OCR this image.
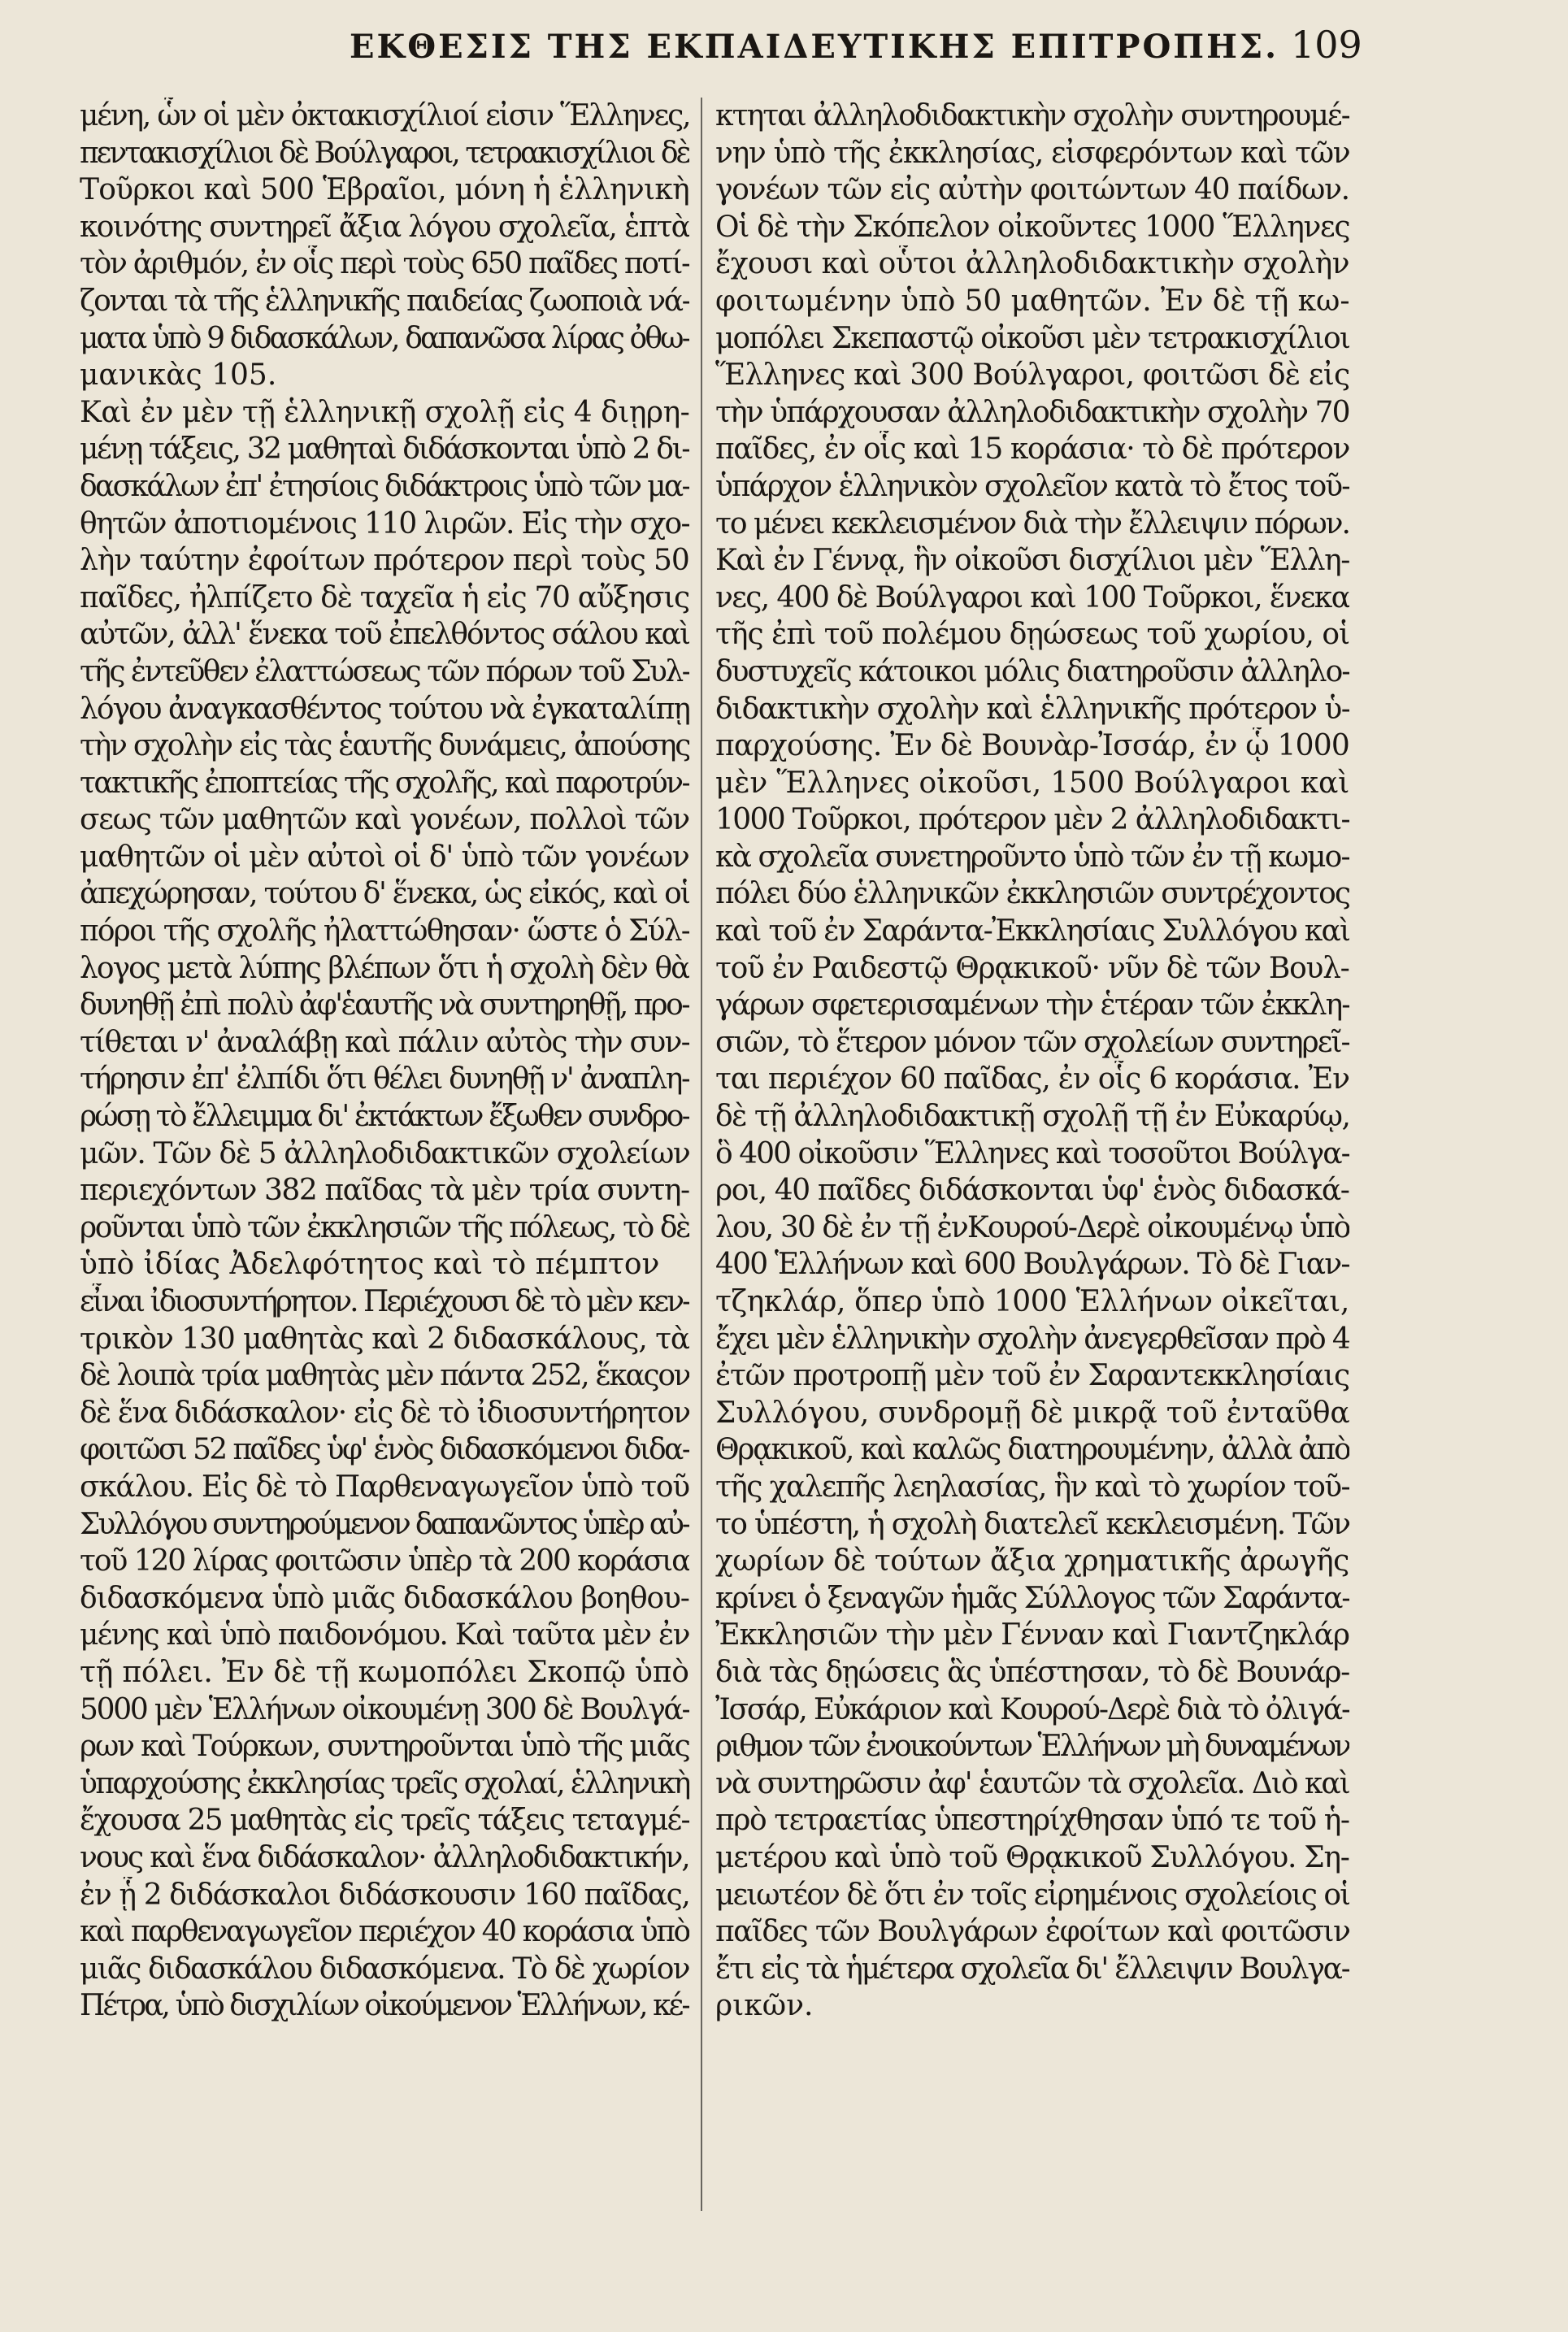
ΕΚΘΕΣΙΣ ΤΗΣ ΕΚΠΑΙΔΕΥΤΙΚΗΣ ΕΠΙΤΡΟΠΗΣ. 109
μένη, ὧν οἱ μὲν ὀκτακισχίλιοί εἰσιν Ἕλληνες,
πεντακισχίλιοι δὲ Βούλγαροι, τετρακισχίλιοι δὲ
Τοῦρκοι καὶ 500 Ἑβραῖοι, μόνη ἡ ἑλληνικὴ
κοινότης συντηρεῖ ἄξια λόγου σχολεῖα, ἑπτὰ
τὸν ἀριθμόν, ἐν οἷς περὶ τοὺς 650 παῖδες ποτί-
ζονται τὰ τῆς ἑλληνικῆς παιδείας ζωοποιὰ νά-
ματα ὑπὸ 9 διδασκάλων, δαπανῶσα λίρας ὀθω-
μανικὰς 105.
Καὶ ἐν μὲν τῇ ἑλληνικῇ σχολῇ εἰς 4 διῃρη-
μένῃ τάξεις, 32 μαθηταὶ διδάσκονται ὑπὸ 2 δι-
δασκάλων ἐπ' ἐτησίοις διδάκτροις ὑπὸ τῶν μα-
θητῶν ἀποτιομένοις 110 λιρῶν. Εἰς τὴν σχο-
λὴν ταύτην ἐφοίτων πρότερον περὶ τοὺς 50
παῖδες, ἠλπίζετο δὲ ταχεῖα ἡ εἰς 70 αὔξησις
αὐτῶν, ἀλλ' ἕνεκα τοῦ ἐπελθόντος σάλου καὶ
τῆς ἐντεῦθεν ἐλαττώσεως τῶν πόρων τοῦ Συλ-
λόγου ἀναγκασθέντος τούτου νὰ ἐγκαταλίπῃ
τὴν σχολὴν εἰς τὰς ἑαυτῆς δυνάμεις, ἀπούσης
τακτικῆς ἐποπτείας τῆς σχολῆς, καὶ παροτρύν-
σεως τῶν μαθητῶν καὶ γονέων, πολλοὶ τῶν
μαθητῶν οἱ μὲν αὐτοὶ οἱ δ' ὑπὸ τῶν γονέων
ἀπεχώρησαν, τούτου δ' ἕνεκα, ὡς εἰκός, καὶ οἱ
πόροι τῆς σχολῆς ἠλαττώθησαν· ὥστε ὁ Σύλ-
λογος μετὰ λύπης βλέπων ὅτι ἡ σχολὴ δὲν θὰ
δυνηθῇ ἐπὶ πολὺ ἀφ'ἑαυτῆς νὰ συντηρηθῇ, προ-
τίθεται ν' ἀναλάβῃ καὶ πάλιν αὐτὸς τὴν συν-
τήρησιν ἐπ' ἐλπίδι ὅτι θέλει δυνηθῇ ν' ἀναπλη-
ρώσῃ τὸ ἔλλειμμα δι' ἐκτάκτων ἔξωθεν συνδρο-
μῶν. Τῶν δὲ 5 ἀλληλοδιδακτικῶν σχολείων
περιεχόντων 382 παῖδας τὰ μὲν τρία συντη-
ροῦνται ὑπὸ τῶν ἐκκλησιῶν τῆς πόλεως, τὸ δὲ
ὑπὸ ἰδίας Ἀδελφότητος καὶ τὸ πέμπτον
εἶναι ἰδιοσυντήρητον. Περιέχουσι δὲ τὸ μὲν κεν-
τρικὸν 130 μαθητὰς καὶ 2 διδασκάλους, τὰ
δὲ λοιπὰ τρία μαθητὰς μὲν πάντα 252, ἕκαςον
δὲ ἕνα διδάσκαλον· εἰς δὲ τὸ ἰδιοσυντήρητον
φοιτῶσι 52 παῖδες ὑφ' ἑνὸς διδασκόμενοι διδα-
σκάλου. Εἰς δὲ τὸ Παρθεναγωγεῖον ὑπὸ τοῦ
Συλλόγου συντηρούμενον δαπανῶντος ὑπὲρ αὐ-
τοῦ 120 λίρας φοιτῶσιν ὑπὲρ τὰ 200 κοράσια
διδασκόμενα ὑπὸ μιᾶς διδασκάλου βοηθου-
μένης καὶ ὑπὸ παιδονόμου. Καὶ ταῦτα μὲν ἐν
τῇ πόλει. Ἐν δὲ τῇ κωμοπόλει Σκοπῷ ὑπὸ
5000 μὲν Ἑλλήνων οἰκουμένῃ 300 δὲ Βουλγά-
ρων καὶ Τούρκων, συντηροῦνται ὑπὸ τῆς μιᾶς
ὑπαρχούσης ἐκκλησίας τρεῖς σχολαί, ἑλληνικὴ
ἔχουσα 25 μαθητὰς εἰς τρεῖς τάξεις τεταγμέ-
νους καὶ ἕνα διδάσκαλον· ἀλληλοδιδακτικήν,
ἐν ᾗ 2 διδάσκαλοι διδάσκουσιν 160 παῖδας,
καὶ παρθεναγωγεῖον περιέχον 40 κοράσια ὑπὸ
μιᾶς διδασκάλου διδασκόμενα. Τὸ δὲ χωρίον
Πέτρα, ὑπὸ δισχιλίων οἰκούμενον Ἑλλήνων, κέ-
κτηται ἀλληλοδιδακτικὴν σχολὴν συντηρουμέ-
νην ὑπὸ τῆς ἐκκλησίας, εἰσφερόντων καὶ τῶν
γονέων τῶν εἰς αὐτὴν φοιτώντων 40 παίδων.
Οἱ δὲ τὴν Σκόπελον οἰκοῦντες 1000 Ἕλληνες
ἔχουσι καὶ οὗτοι ἀλληλοδιδακτικὴν σχολὴν
φοιτωμένην ὑπὸ 50 μαθητῶν. Ἐν δὲ τῇ κω-
μοπόλει Σκεπαστῷ οἰκοῦσι μὲν τετρακισχίλιοι
Ἕλληνες καὶ 300 Βούλγαροι, φοιτῶσι δὲ εἰς
τὴν ὑπάρχουσαν ἀλληλοδιδακτικὴν σχολὴν 70
παῖδες, ἐν οἷς καὶ 15 κοράσια· τὸ δὲ πρότερον
ὑπάρχον ἑλληνικὸν σχολεῖον κατὰ τὸ ἔτος τοῦ-
το μένει κεκλεισμένον διὰ τὴν ἔλλειψιν πόρων.
Καὶ ἐν Γέννᾳ, ἣν οἰκοῦσι δισχίλιοι μὲν Ἕλλη-
νες, 400 δὲ Βούλγαροι καὶ 100 Τοῦρκοι, ἕνεκα
τῆς ἐπὶ τοῦ πολέμου δῃώσεως τοῦ χωρίου, οἱ
δυστυχεῖς κάτοικοι μόλις διατηροῦσιν ἀλληλο-
διδακτικὴν σχολὴν καὶ ἑλληνικῆς πρότερον ὑ-
παρχούσης. Ἐν δὲ Βουνὰρ-Ἰσσάρ, ἐν ᾧ 1000
μὲν Ἕλληνες οἰκοῦσι, 1500 Βούλγαροι καὶ
1000 Τοῦρκοι, πρότερον μὲν 2 ἀλληλοδιδακτι-
κὰ σχολεῖα συνετηροῦντο ὑπὸ τῶν ἐν τῇ κωμο-
πόλει δύο ἑλληνικῶν ἐκκλησιῶν συντρέχοντος
καὶ τοῦ ἐν Σαράντα-Ἐκκλησίαις Συλλόγου καὶ
τοῦ ἐν Ραιδεστῷ Θρᾳκικοῦ· νῦν δὲ τῶν Βουλ-
γάρων σφετερισαμένων τὴν ἑτέραν τῶν ἐκκλη-
σιῶν, τὸ ἕτερον μόνον τῶν σχολείων συντηρεῖ-
ται περιέχον 60 παῖδας, ἐν οἷς 6 κοράσια. Ἐν
δὲ τῇ ἀλληλοδιδακτικῇ σχολῇ τῇ ἐν Εὐκαρύῳ,
ὃ 400 οἰκοῦσιν Ἕλληνες καὶ τοσοῦτοι Βούλγα-
ροι, 40 παῖδες διδάσκονται ὑφ' ἑνὸς διδασκά-
λου, 30 δὲ ἐν τῇ ἐνΚουρού-Δερὲ οἰκουμένῳ ὑπὸ
400 Ἑλλήνων καὶ 600 Βουλγάρων. Τὸ δὲ Γιαν-
τζηκλάρ, ὅπερ ὑπὸ 1000 Ἑλλήνων οἰκεῖται,
ἔχει μὲν ἑλληνικὴν σχολὴν ἀνεγερθεῖσαν πρὸ 4
ἐτῶν προτροπῇ μὲν τοῦ ἐν Σαραντεκκλησίαις
Συλλόγου, συνδρομῇ δὲ μικρᾷ τοῦ ἐνταῦθα
Θρᾳκικοῦ, καὶ καλῶς διατηρουμένην, ἀλλὰ ἀπὸ
τῆς χαλεπῆς λεηλασίας, ἣν καὶ τὸ χωρίον τοῦ-
το ὑπέστη, ἡ σχολὴ διατελεῖ κεκλεισμένη. Τῶν
χωρίων δὲ τούτων ἄξια χρηματικῆς ἀρωγῆς
κρίνει ὁ ξεναγῶν ἡμᾶς Σύλλογος τῶν Σαράντα-
Ἐκκλησιῶν τὴν μὲν Γένναν καὶ Γιαντζηκλάρ
διὰ τὰς δῃώσεις ἃς ὑπέστησαν, τὸ δὲ Βουνάρ-
Ἰσσάρ, Εὐκάριον καὶ Κουρού-Δερὲ διὰ τὸ ὀλιγά-
ριθμον τῶν ἐνοικούντων Ἑλλήνων μὴ δυναμένων
νὰ συντηρῶσιν ἀφ' ἑαυτῶν τὰ σχολεῖα. Διὸ καὶ
πρὸ τετραετίας ὑπεστηρίχθησαν ὑπό τε τοῦ ἡ-
μετέρου καὶ ὑπὸ τοῦ Θρᾳκικοῦ Συλλόγου. Ση-
μειωτέον δὲ ὅτι ἐν τοῖς εἰρημένοις σχολείοις οἱ
παῖδες τῶν Βουλγάρων ἐφοίτων καὶ φοιτῶσιν
ἔτι εἰς τὰ ἡμέτερα σχολεῖα δι' ἔλλειψιν Βουλγα-
ρικῶν.
